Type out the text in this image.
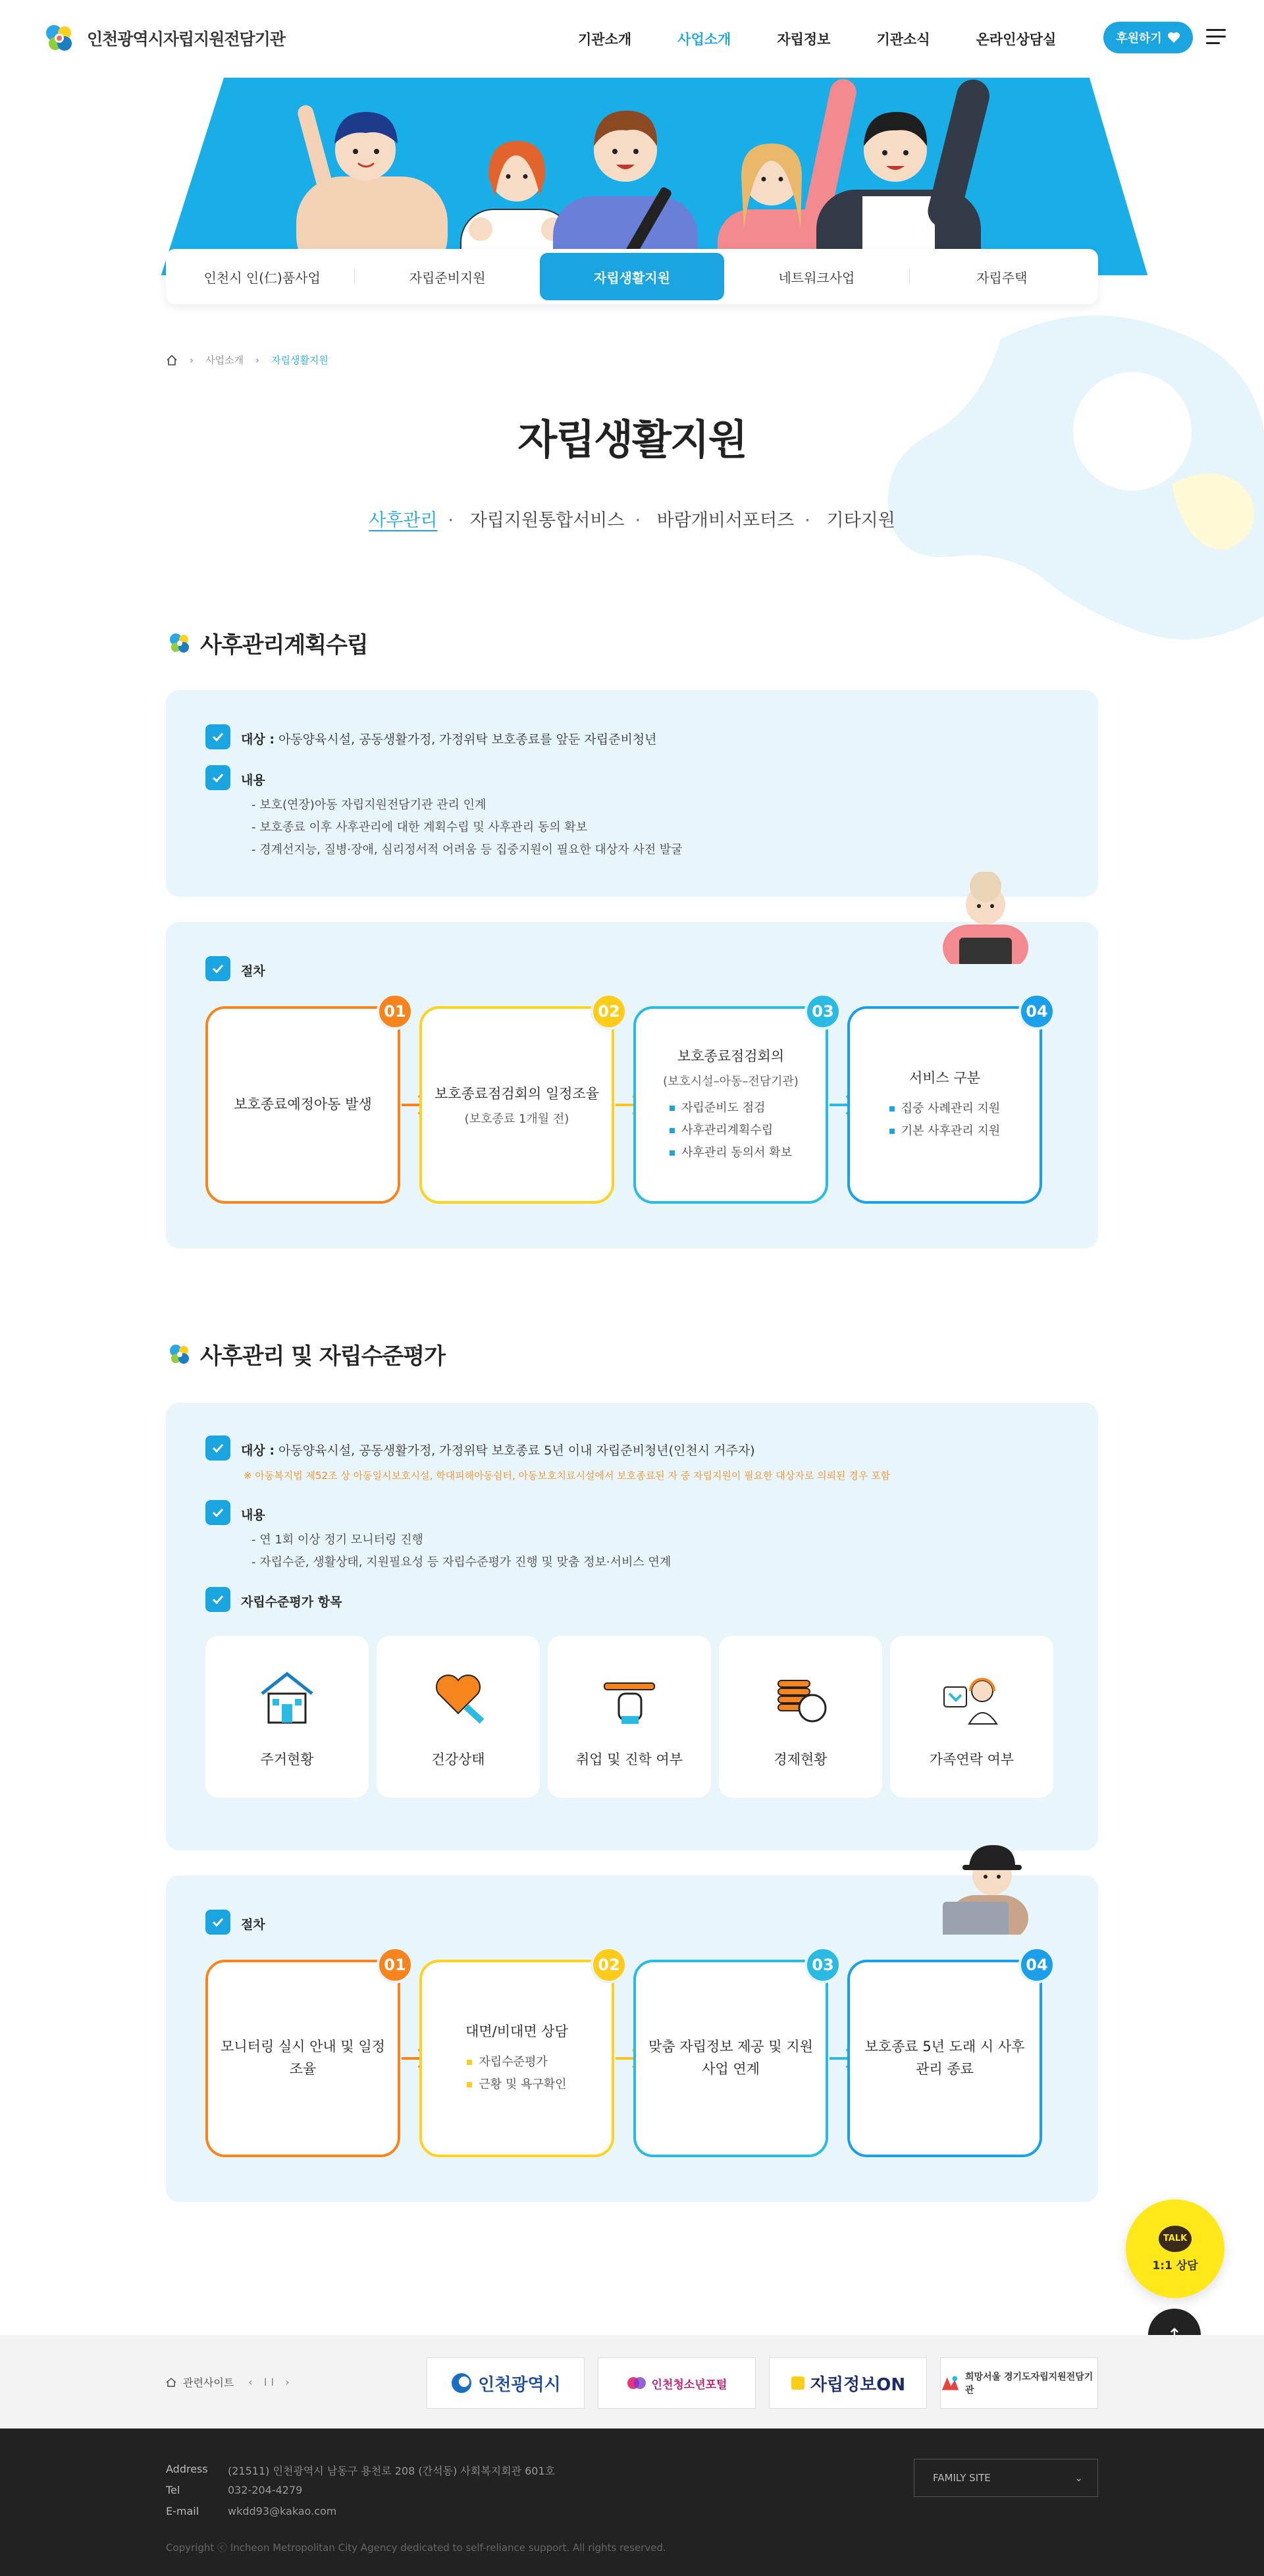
인천광역시자립지원전담기관	기관소개	사업소개	자립정보	기관소식	온라인상담실	후원하기
인천시 인(仁)품사업	자립준비지원	자립생활지원	네트워크사업	자립주택
› 사업소개 › 자립생활지원
자립생활지원
사후관리 · 자립지원통합서비스 · 바람개비서포터즈 · 기타지원
사후관리계획수립
대상 : 아동양육시설, 공동생활가정, 가정위탁 보호종료를 앞둔 자립준비청년
내용
- 보호(연장)아동 자립지원전담기관 관리 인계
- 보호종료 이후 사후관리에 대한 계획수립 및 사후관리 동의 확보
- 경계선지능, 질병·장애, 심리정서적 어려움 등 집중지원이 필요한 대상자 사전 발굴
절차
01
보호종료예정아동 발생
02
보호종료점검회의 일정조율
(보호종료 1개월 전)
03
보호종료점검회의
(보호시설–아동–전담기관)
자립준비도 점검
사후관리계획수립
사후관리 동의서 확보
04
서비스 구분
집중 사례관리 지원
기본 사후관리 지원
사후관리 및 자립수준평가
대상 : 아동양육시설, 공동생활가정, 가정위탁 보호종료 5년 이내 자립준비청년(인천시 거주자)
※ 아동복지법 제52조 상 아동일시보호시설, 학대피해아동쉼터, 아동보호치료시설에서 보호종료된 자 중 자립지원이 필요한 대상자로 의뢰된 경우 포함
내용
- 연 1회 이상 정기 모니터링 진행
- 자립수준, 생활상태, 지원필요성 등 자립수준평가 진행 및 맞춤 정보·서비스 연계
자립수준평가 항목
주거현황	건강상태	취업 및 진학 여부	경제현황	가족연락 여부
절차
01
모니터링 실시 안내 및 일정조율
02
대면/비대면 상담
자립수준평가
근황 및 욕구확인
03
맞춤 자립정보 제공 및 지원사업 연계
04
보호종료 5년 도래 시 사후관리 종료
TALK
1:1 상담
관련사이트 ‹ II ›	인천광역시	인천청소년포털	자립정보ON	희망서울 경기도자립지원전담기관
Address (21511) 인천광역시 남동구 용천로 208 (간석동) 사회복지회관 601호
Tel	032-204-4279
E-mail	wkdd93@kakao.com
Copyright ⓒ Incheon Metropolitan City Agency dedicated to self-reliance support. All rights reserved.
FAMILY SITE	⌄
